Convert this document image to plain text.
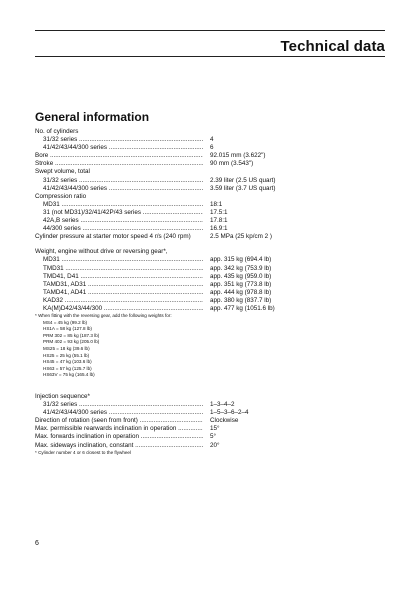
Technical data
General information
No. of cylinders
31/32 series .....	4
41/42/43/44/300 series .....	6
Bore .....	92.015 mm (3.622")
Stroke .....	90 mm (3.543")
Swept volume, total
31/32 series .....	2.39 liter (2.5 US quart)
41/42/43/44/300 series .....	3.59 liter (3.7 US quart)
Compression ratio
MD31 .....	18:1
31 (not MD31)/32/41/42P/43 series .....	17.5:1
42A,B series .....	17.8:1
44/300 series .....	16.9:1
Cylinder pressure at starter motor speed 4 r/s (240 rpm)	2.5 MPa (25 kp/cm 2 )
Weight, engine without drive or reversing gear*,
MD31 .....	app. 315 kg (694.4 lb)
TMD31 .....	app. 342 kg (753.9 lb)
TMD41, D41 .....	app. 435 kg (959.0 lb)
TAMD31, AD31 .....	app. 351 kg (773.8 lb)
TAMD41, AD41 .....	app. 444 kg (978.8 lb)
KAD32 .....	app. 380 kg (837.7 lb)
KA(M)D42/43/44/300 .....	app. 477 kg (1051.6 lb)
* When fitting with the reversing gear, add the following weights for:
MS4 = 45 kg (99.2 lb)
HS1A = 58 kg (127.8 lb)
PRM 302 = 85 kg (187.3 lb)
PRM 402 = 93 kg (205.0 lb)
MS25 = 18 kg (39.6 lb)
HS25 = 25 kg (55.1 lb)
HS45 = 47 kg (103.6 lb)
HS63 = 57 kg (125.7 lb)
HS63V = 75 kg (165.4 lb)
Injection sequence*
31/32 series .....	1–3–4–2
41/42/43/44/300 series .....	1–5–3–6–2–4
Direction of rotation (seen from front) .....	Clockwise
Max. permissible rearwards inclination in operation .....	15°
Max. forwards inclination in operation .....	5°
Max. sideways inclination, constant .....	20°
* Cylinder number 4 or 6 closest to the flywheel
6
